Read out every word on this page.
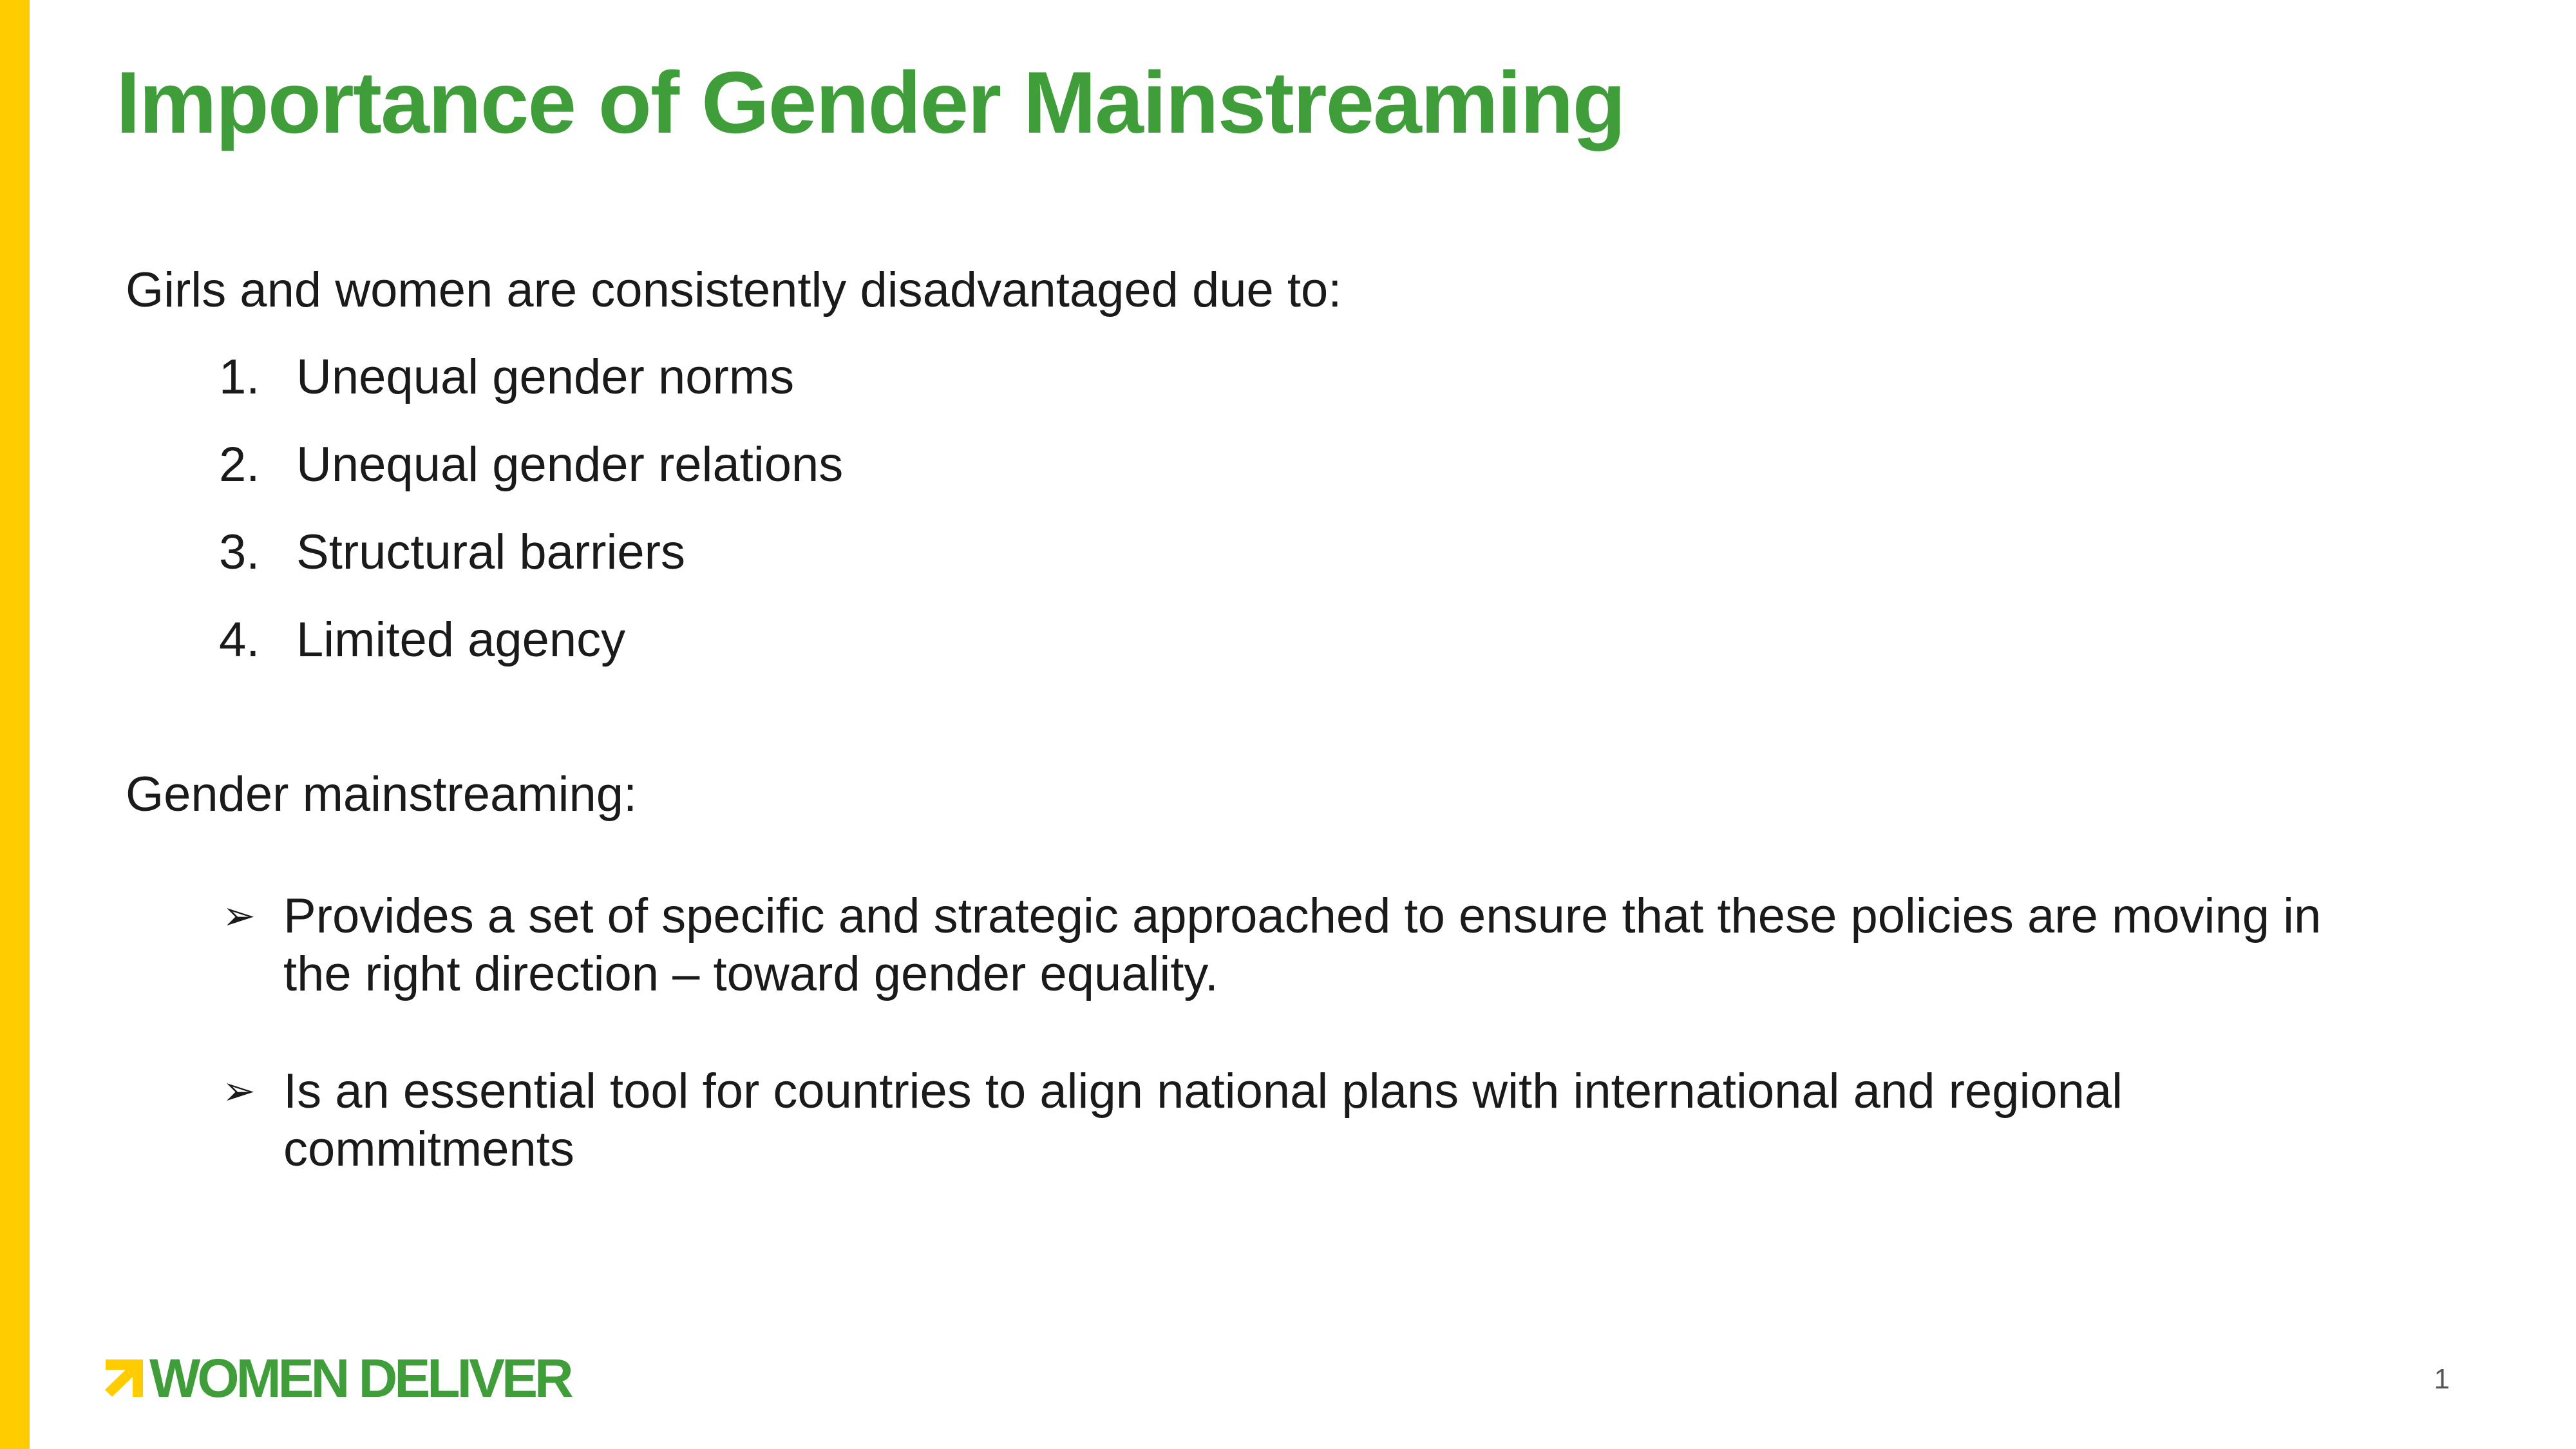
Importance of Gender Mainstreaming

Girls and women are consistently disadvantaged due to:

1. Unequal gender norms
2. Unequal gender relations
3. Structural barriers
4. Limited agency

Gender mainstreaming:

➢ Provides a set of specific and strategic approached to ensure that these policies are moving in the right direction – toward gender equality.
➢ Is an essential tool for countries to align national plans with international and regional commitments
WOMEN DELIVER	1
